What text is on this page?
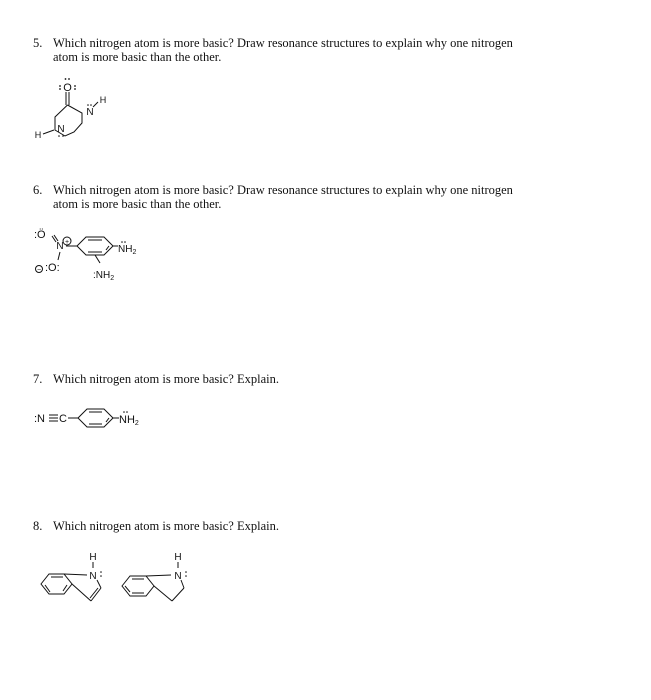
5. Which nitrogen atom is more basic? Draw resonance structures to explain why one nitrogen
atom is more basic than the other.
O
N
H
N
H
6. Which nitrogen atom is more basic? Draw resonance structures to explain why one nitrogen
atom is more basic than the other.
:Ö
N +
− :O:
$NH_2$
$:NH_2$
7. Which nitrogen atom is more basic? Explain.
:N C	NH2
8. Which nitrogen atom is more basic? Explain.
H
N
H
N
